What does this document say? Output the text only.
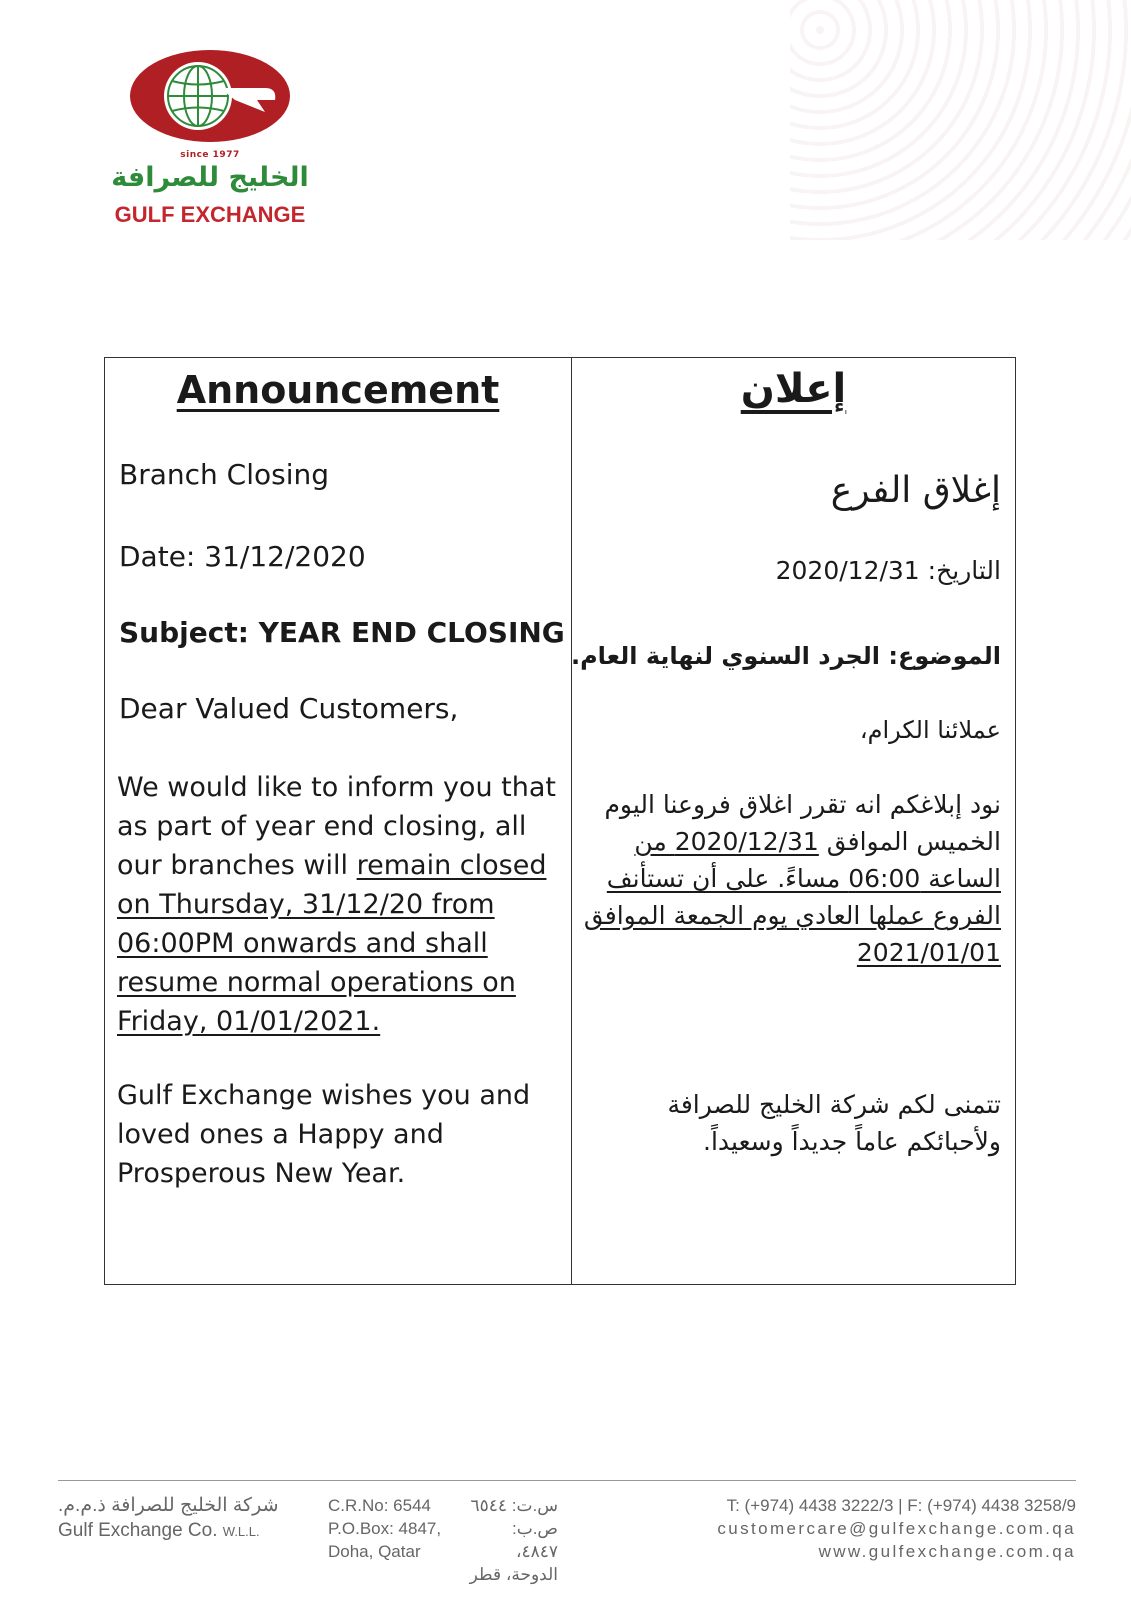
since 1977
الخليج للصرافة
GULF EXCHANGE
Announcement
Branch Closing
Date: 31/12/2020
Subject: YEAR END CLOSING
Dear Valued Customers,
We would like to inform you that as part of year end closing, all our branches will remain closed on Thursday, 31/12/20 from 06:00PM onwards and shall resume normal operations on Friday, 01/01/2021.
Gulf Exchange wishes you and loved ones a Happy and Prosperous New Year.
إعلان
إغلاق الفرع
التاريخ: 2020/12/31
الموضوع: الجرد السنوي لنهاية العام.
عملائنا الكرام،
نود إبلاغكم انه تقرر اغلاق فروعنا اليوم الخميس الموافق 2020/12/31 من الساعة 06:00 مساءً. على أن تستأنف الفروع عملها العادي يوم الجمعة الموافق 2021/01/01
تتمنى لكم شركة الخليج للصرافة ولأحبائكم عاماً جديداً وسعيداً.
شركة الخليج للصرافة ذ.م.م.
Gulf Exchange Co. W.L.L.
C.R.No: 6544
P.O.Box: 4847,
Doha, Qatar
س.ت: ٦٥٤٤
ص.ب: ٤٨٤٧،
الدوحة، قطر
T: (+974) 4438 3222/3 | F: (+974) 4438 3258/9
customercare@gulfexchange.com.qa
www.gulfexchange.com.qa
